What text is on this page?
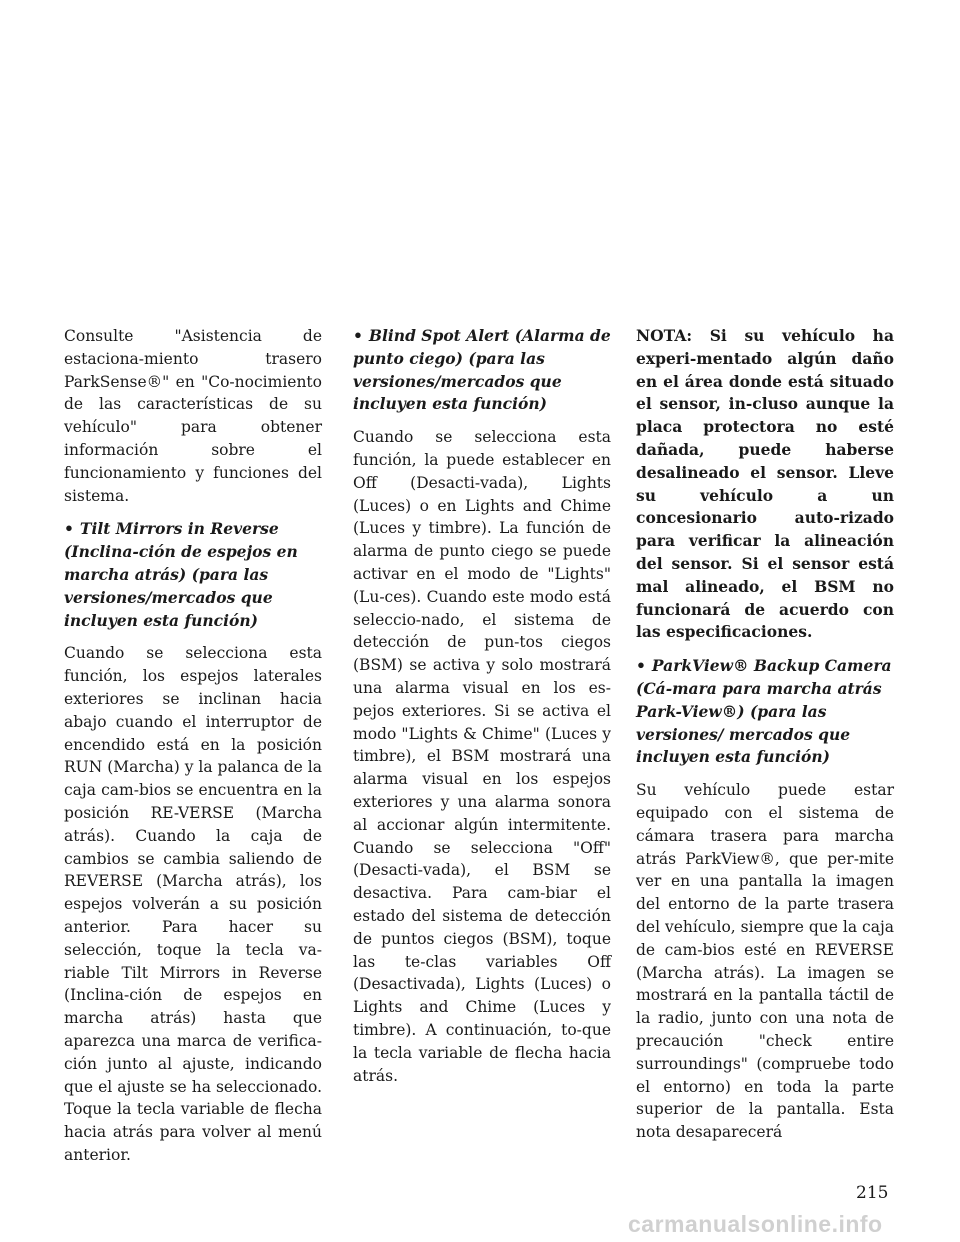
Consulte "Asistencia de estaciona-miento trasero ParkSense®" en "Co-nocimiento de las características de su vehículo" para obtener información sobre el funcionamiento y funciones del sistema.

• Tilt Mirrors in Reverse (Inclina-ción de espejos en marcha atrás) (para las versiones/mercados que incluyen esta función)

Cuando se selecciona esta función, los espejos laterales exteriores se inclinan hacia abajo cuando el interruptor de encendido está en la posición RUN (Marcha) y la palanca de la caja cam-bios se encuentra en la posición RE-VERSE (Marcha atrás). Cuando la caja de cambios se cambia saliendo de REVERSE (Marcha atrás), los espejos volverán a su posición anterior. Para hacer su selección, toque la tecla va-riable Tilt Mirrors in Reverse (Inclina-ción de espejos en marcha atrás) hasta que aparezca una marca de verifica-ción junto al ajuste, indicando que el ajuste se ha seleccionado. Toque la tecla variable de flecha hacia atrás para volver al menú anterior.

• Blind Spot Alert (Alarma de punto ciego) (para las versiones/mercados que incluyen esta función)

Cuando se selecciona esta función, la puede establecer en Off (Desacti-vada), Lights (Luces) o en Lights and Chime (Luces y timbre). La función de alarma de punto ciego se puede activar en el modo de "Lights" (Lu-ces). Cuando este modo está seleccio-nado, el sistema de detección de pun-tos ciegos (BSM) se activa y solo mostrará una alarma visual en los es-pejos exteriores. Si se activa el modo "Lights & Chime" (Luces y timbre), el BSM mostrará una alarma visual en los espejos exteriores y una alarma sonora al accionar algún intermitente. Cuando se selecciona "Off" (Desacti-vada), el BSM se desactiva. Para cam-biar el estado del sistema de detección de puntos ciegos (BSM), toque las te-clas variables Off (Desactivada), Lights (Luces) o Lights and Chime (Luces y timbre). A continuación, to-que la tecla variable de flecha hacia atrás.

NOTA: Si su vehículo ha experi-mentado algún daño en el área donde está situado el sensor, in-cluso aunque la placa protectora no esté dañada, puede haberse desalineado el sensor. Lleve su vehículo a un concesionario auto-rizado para verificar la alineación del sensor. Si el sensor está mal alineado, el BSM no funcionará de acuerdo con las especificaciones.

• ParkView® Backup Camera (Cá-mara para marcha atrás Park-View®) (para las versiones/ mercados que incluyen esta función)

Su vehículo puede estar equipado con el sistema de cámara trasera para marcha atrás ParkView®, que per-mite ver en una pantalla la imagen del entorno de la parte trasera del vehículo, siempre que la caja de cam-bios esté en REVERSE (Marcha atrás). La imagen se mostrará en la pantalla táctil de la radio, junto con una nota de precaución "check entire surroundings" (compruebe todo el entorno) en toda la parte superior de la pantalla. Esta nota desaparecerá

215
carmanualsonline.info
